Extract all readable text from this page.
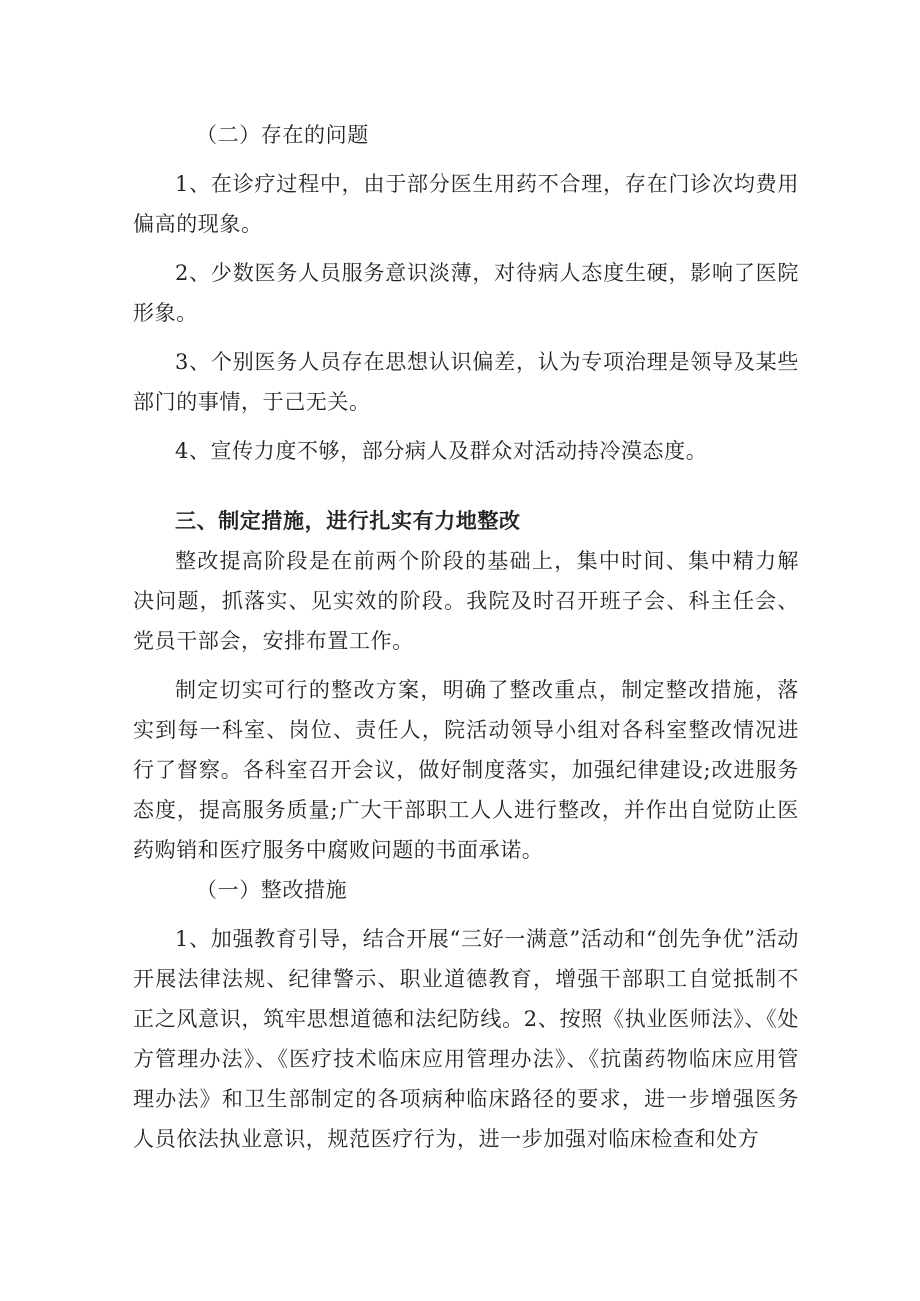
（二）存在的问题

1、在诊疗过程中，由于部分医生用药不合理，存在门诊次均费用偏高的现象。

2、少数医务人员服务意识淡薄，对待病人态度生硬，影响了医院形象。

3、个别医务人员存在思想认识偏差，认为专项治理是领导及某些部门的事情，于己无关。

4、宣传力度不够，部分病人及群众对活动持冷漠态度。

三、制定措施，进行扎实有力地整改

整改提高阶段是在前两个阶段的基础上，集中时间、集中精力解决问题，抓落实、见实效的阶段。我院及时召开班子会、科主任会、党员干部会，安排布置工作。

制定切实可行的整改方案，明确了整改重点，制定整改措施，落实到每一科室、岗位、责任人，院活动领导小组对各科室整改情况进行了督察。各科室召开会议，做好制度落实，加强纪律建设;改进服务态度，提高服务质量;广大干部职工人人进行整改，并作出自觉防止医药购销和医疗服务中腐败问题的书面承诺。

（一）整改措施

1、加强教育引导，结合开展“三好一满意”活动和“创先争优”活动开展法律法规、纪律警示、职业道德教育，增强干部职工自觉抵制不正之风意识，筑牢思想道德和法纪防线。2、按照《执业医师法》、《处方管理办法》、《医疗技术临床应用管理办法》、《抗菌药物临床应用管理办法》和卫生部制定的各项病种临床路径的要求，进一步增强医务人员依法执业意识，规范医疗行为，进一步加强对临床检查和处方
